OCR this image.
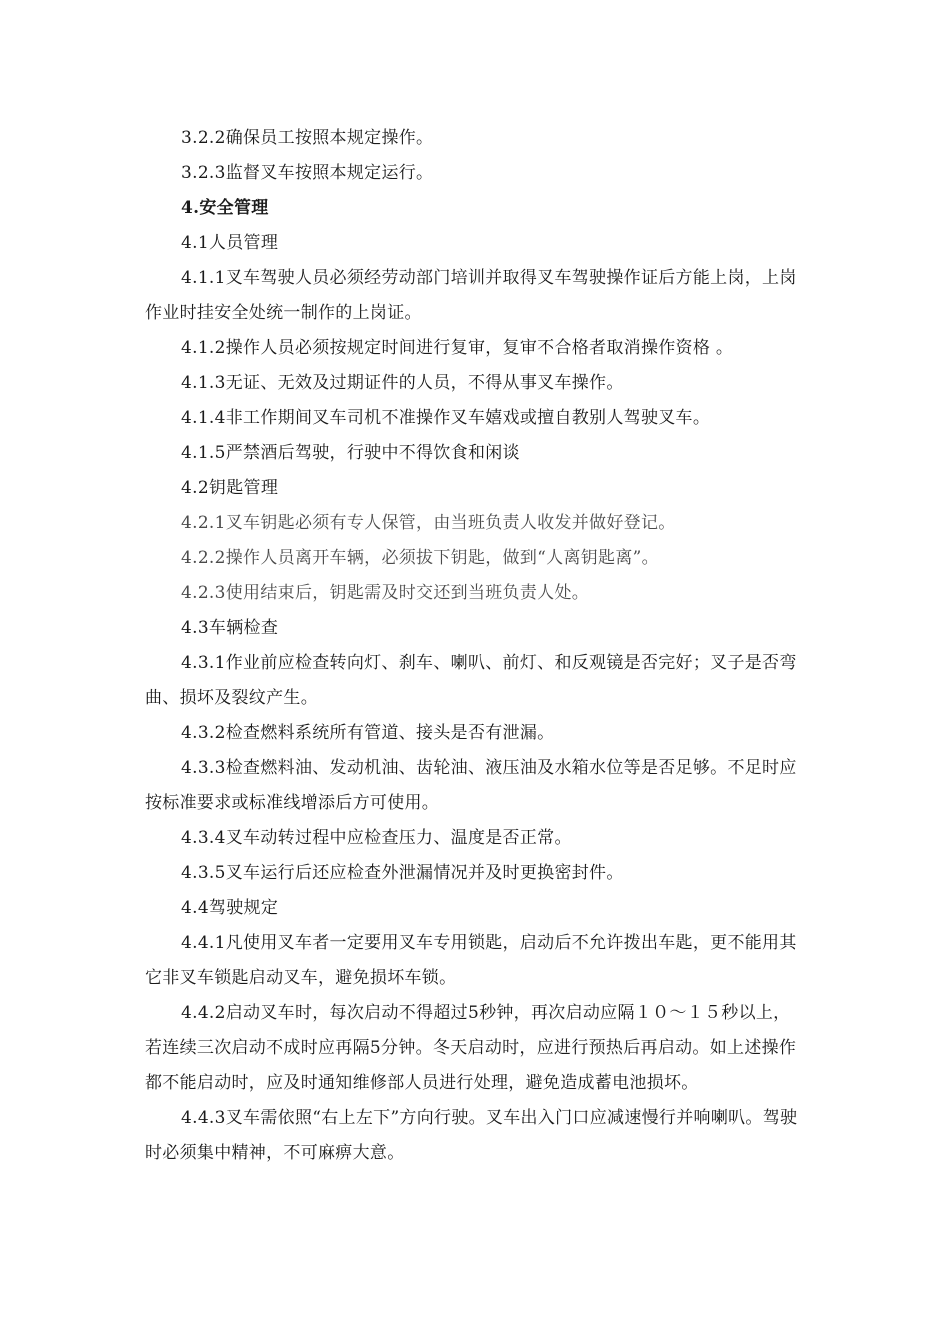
3.2.2确保员工按照本规定操作。

3.2.3监督叉车按照本规定运行。

4.安全管理

4.1人员管理

4.1.1叉车驾驶人员必须经劳动部门培训并取得叉车驾驶操作证后方能上岗，上岗作业时挂安全处统一制作的上岗证。

4.1.2操作人员必须按规定时间进行复审，复审不合格者取消操作资格 。

4.1.3无证、无效及过期证件的人员，不得从事叉车操作。

4.1.4非工作期间叉车司机不准操作叉车嬉戏或擅自教别人驾驶叉车。

4.1.5严禁酒后驾驶，行驶中不得饮食和闲谈

4.2钥匙管理

4.2.1叉车钥匙必须有专人保管，由当班负责人收发并做好登记。

4.2.2操作人员离开车辆，必须拔下钥匙，做到“人离钥匙离”。

4.2.3使用结束后，钥匙需及时交还到当班负责人处。

4.3车辆检查

4.3.1作业前应检查转向灯、刹车、喇叭、前灯、和反观镜是否完好；叉子是否弯曲、损坏及裂纹产生。

4.3.2检查燃料系统所有管道、接头是否有泄漏。

4.3.3检查燃料油、发动机油、齿轮油、液压油及水箱水位等是否足够。不足时应按标准要求或标准线增添后方可使用。

4.3.4叉车动转过程中应检查压力、温度是否正常。

4.3.5叉车运行后还应检查外泄漏情况并及时更换密封件。

4.4驾驶规定

4.4.1凡使用叉车者一定要用叉车专用锁匙，启动后不允许拨出车匙，更不能用其它非叉车锁匙启动叉车，避免损坏车锁。

4.4.2启动叉车时，每次启动不得超过5秒钟，再次启动应隔１０～１５秒以上，若连续三次启动不成时应再隔5分钟。冬天启动时，应进行预热后再启动。如上述操作都不能启动时，应及时通知维修部人员进行处理，避免造成蓄电池损坏。

4.4.3叉车需依照“右上左下”方向行驶。叉车出入门口应减速慢行并响喇叭。驾驶时必须集中精神，不可麻痹大意。
